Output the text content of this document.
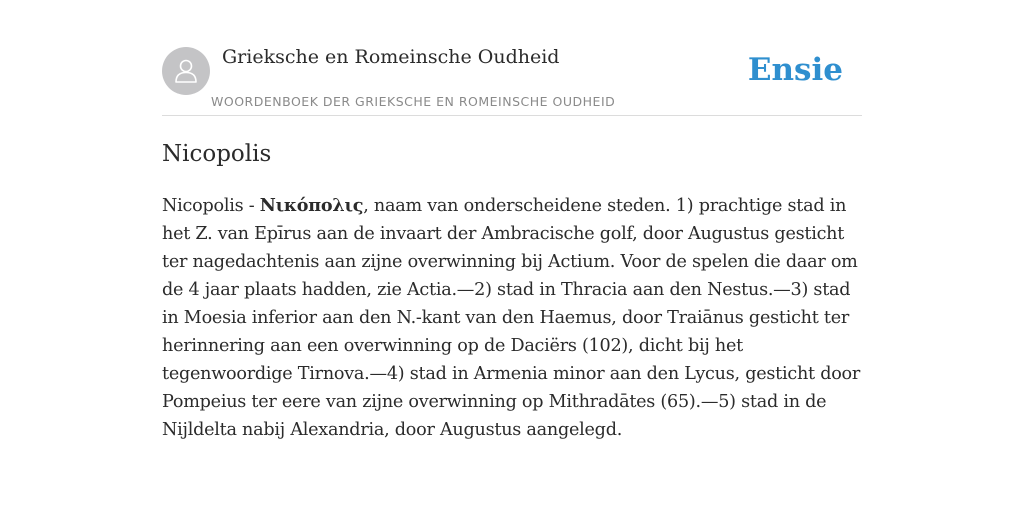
Grieksche en Romeinsche Oudheid
WOORDENBOEK DER GRIEKSCHE EN ROMEINSCHE OUDHEID
Ensie
Nicopolis

Nicopolis - Νικόπολις, naam van onderscheidene steden. 1) prachtige stad in het Z. van Epīrus aan de invaart der Ambracische golf, door Augustus gesticht ter nagedachtenis aan zijne overwinning bij Actium. Voor de spelen die daar om de 4 jaar plaats hadden, zie Actia.—2) stad in Thracia aan den Nestus.—3) stad in Moesia inferior aan den N.-kant van den Haemus, door Traiānus gesticht ter herinnering aan een overwinning op de Daciërs (102), dicht bij het tegenwoordige Tirnova.—4) stad in Armenia minor aan den Lycus, gesticht door Pompeius ter eere van zijne overwinning op Mithradātes (65).—5) stad in de Nijldelta nabij Alexandria, door Augustus aangelegd.
